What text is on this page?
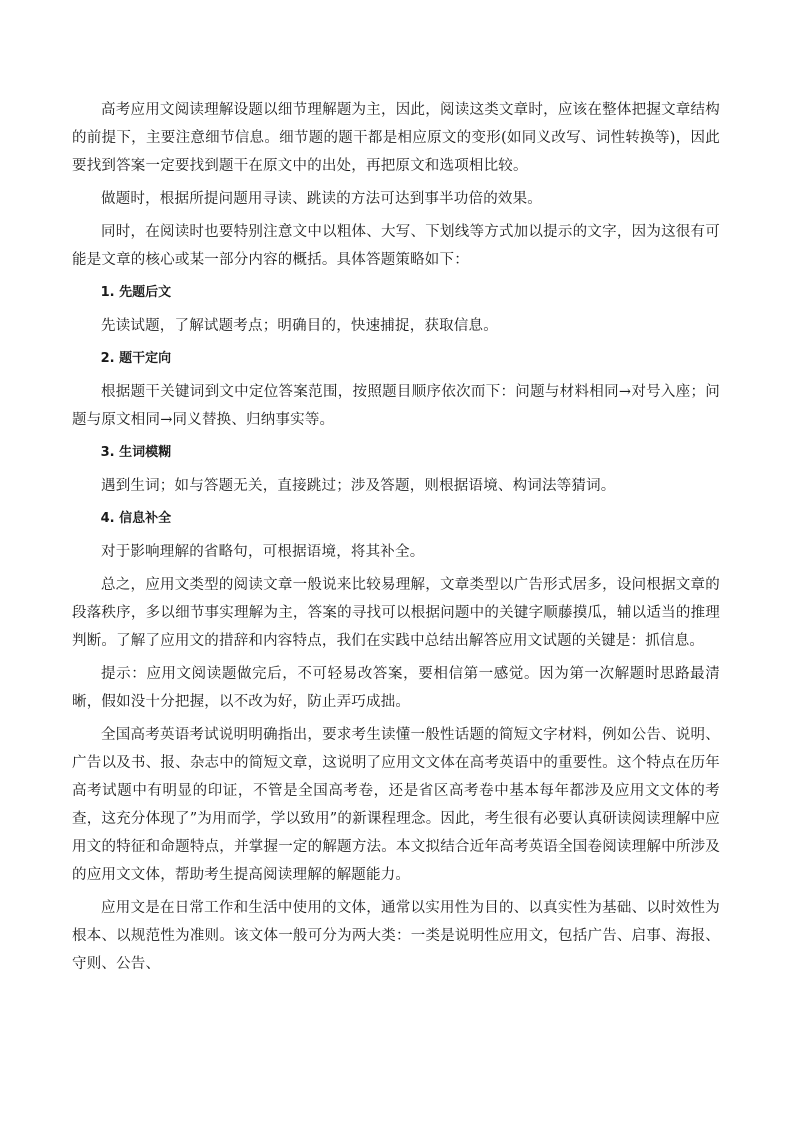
高考应用文阅读理解设题以细节理解题为主，因此，阅读这类文章时，应该在整体把握文章结构的前提下，主要注意细节信息。细节题的题干都是相应原文的变形(如同义改写、词性转换等)，因此要找到答案一定要找到题干在原文中的出处，再把原文和选项相比较。

做题时，根据所提问题用寻读、跳读的方法可达到事半功倍的效果。

同时，在阅读时也要特别注意文中以粗体、大写、下划线等方式加以提示的文字，因为这很有可能是文章的核心或某一部分内容的概括。具体答题策略如下：

1. 先题后文

先读试题，了解试题考点；明确目的，快速捕捉，获取信息。

2. 题干定向

根据题干关键词到文中定位答案范围，按照题目顺序依次而下：问题与材料相同→对号入座；问题与原文相同→同义替换、归纳事实等。

3. 生词模糊

遇到生词；如与答题无关，直接跳过；涉及答题，则根据语境、构词法等猜词。

4. 信息补全

对于影响理解的省略句，可根据语境，将其补全。

总之，应用文类型的阅读文章一般说来比较易理解，文章类型以广告形式居多，设问根据文章的段落秩序，多以细节事实理解为主，答案的寻找可以根据问题中的关键字顺藤摸瓜，辅以适当的推理判断。了解了应用文的措辞和内容特点，我们在实践中总结出解答应用文试题的关键是：抓信息。

提示：应用文阅读题做完后，不可轻易改答案，要相信第一感觉。因为第一次解题时思路最清晰，假如没十分把握，以不改为好，防止弄巧成拙。

全国高考英语考试说明明确指出，要求考生读懂一般性话题的简短文字材料，例如公告、说明、广告以及书、报、杂志中的简短文章，这说明了应用文文体在高考英语中的重要性。这个特点在历年高考试题中有明显的印证，不管是全国高考卷，还是省区高考卷中基本每年都涉及应用文文体的考查，这充分体现了”为用而学，学以致用”的新课程理念。因此，考生很有必要认真研读阅读理解中应用文的特征和命题特点，并掌握一定的解题方法。本文拟结合近年高考英语全国卷阅读理解中所涉及的应用文文体，帮助考生提高阅读理解的解题能力。

应用文是在日常工作和生活中使用的文体，通常以实用性为目的、以真实性为基础、以时效性为根本、以规范性为准则。该文体一般可分为两大类：一类是说明性应用文，包括广告、启事、海报、守则、公告、
